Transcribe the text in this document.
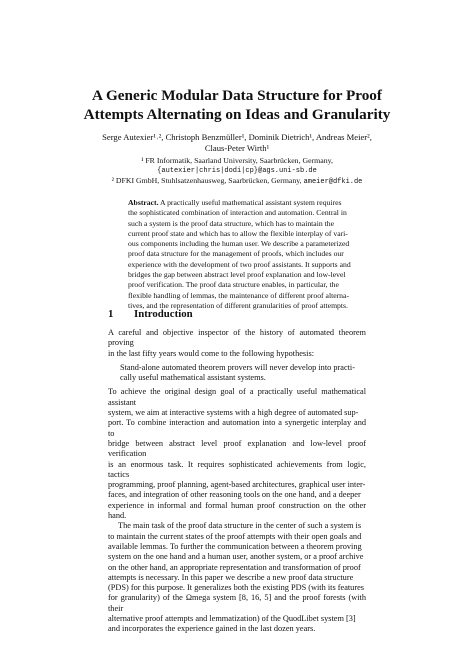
A Generic Modular Data Structure for Proof
Attempts Alternating on Ideas and Granularity
Serge Autexier¹˒², Christoph Benzmüller¹, Dominik Dietrich¹, Andreas Meier²,
Claus-Peter Wirth¹
¹ FR Informatik, Saarland University, Saarbrücken, Germany,
{autexier|chris|dodi|cp}@ags.uni-sb.de
² DFKI GmbH, Stuhlsatzenhausweg, Saarbrücken, Germany, ameier@dfki.de
Abstract. A practically useful mathematical assistant system requires
the sophisticated combination of interaction and automation. Central in
such a system is the proof data structure, which has to maintain the
current proof state and which has to allow the flexible interplay of vari-
ous components including the human user. We describe a parameterized
proof data structure for the management of proofs, which includes our
experience with the development of two proof assistants. It supports and
bridges the gap between abstract level proof explanation and low-level
proof verification. The proof data structure enables, in particular, the
flexible handling of lemmas, the maintenance of different proof alterna-
tives, and the representation of different granularities of proof attempts.
1 Introduction

A careful and objective inspector of the history of automated theorem proving
in the last fifty years would come to the following hypothesis:

Stand-alone automated theorem provers will never develop into practi-
cally useful mathematical assistant systems.

To achieve the original design goal of a practically useful mathematical assistant
system, we aim at interactive systems with a high degree of automated sup-
port. To combine interaction and automation into a synergetic interplay and to
bridge between abstract level proof explanation and low-level proof verification
is an enormous task. It requires sophisticated achievements from logic, tactics
programming, proof planning, agent-based architectures, graphical user inter-
faces, and integration of other reasoning tools on the one hand, and a deeper
experience in informal and formal human proof construction on the other hand.

The main task of the proof data structure in the center of such a system is
to maintain the current states of the proof attempts with their open goals and
available lemmas. To further the communication between a theorem proving
system on the one hand and a human user, another system, or a proof archive
on the other hand, an appropriate representation and transformation of proof
attempts is necessary. In this paper we describe a new proof data structure
(PDS) for this purpose. It generalizes both the existing PDS (with its features
for granularity) of the Ωmega system [8, 16, 5] and the proof forests (with their
alternative proof attempts and lemmatization) of the QuodLibet system [3]
and incorporates the experience gained in the last dozen years.
